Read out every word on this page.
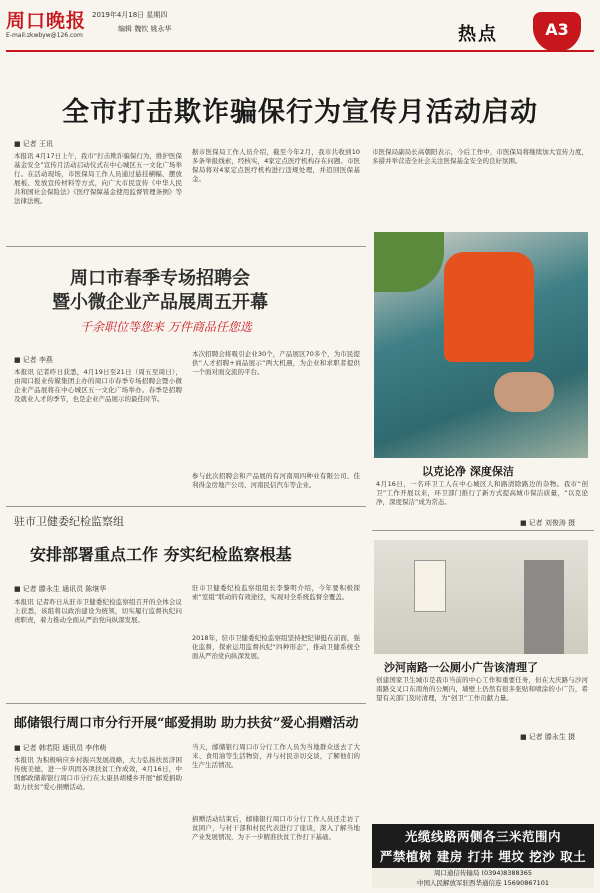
周口晚报
E-mail:zkwbyw@126.com
2019年4月18日 星期四
编辑 魏钦 姚永华	热点	A3
全市打击欺诈骗保行为宣传月活动启动
■ 记者 王讯
本报讯 4月17日上午，我市“打击欺诈骗保行为，维护医保基金安全”宣传月活动启动仪式在中心城区五一文化广场举行。在活动现场，市医保局工作人员通过悬挂横幅、摆放展板、发放宣传材料等方式，向广大市民宣传《中华人民共和国社会保险法》《医疗保障基金使用监督管理条例》等法律法规。
据市医保局工作人员介绍，截至今年2月，我市共收到10多条举报线索，经核实，4家定点医疗机构存在问题。市医保局将对4家定点医疗机构进行违规处理，并追回医保基金。
市医保局副局长高朝阳表示，今后工作中，市医保局将继续加大宣传力度，多措并举营造全社会关注医保基金安全的良好氛围。
周口市春季专场招聘会
暨小微企业产品展周五开幕
千余职位等您来 万件商品任您选
■ 记者 李燕
本报讯 记者昨日获悉，4月19日至21日（周五至周日），由周口报业传媒集团主办的周口市春季专场招聘会暨小微企业产品展将在中心城区五一文化广场举办。春季是招聘及就业人才的季节，也是企业产品展示的最佳时节。
本次招聘会将吸引企业30个，产品展区70多个，为市民提供“人才招聘+商品展示”两大机遇，为企业和求职者提供一个面对面交流的平台。
参与此次招聘会和产品展的有河南周四种业有限公司、佳利得金房地产公司、河南民信汽车等企业。
驻市卫健委纪检监察组
安排部署重点工作 夯实纪检监察根基
■ 记者 滕永生 通讯员 陈继华
本报讯 记者昨日从驻市卫健委纪检监察组召开的全体会议上获悉，该组将以政治建设为统领，切实履行监督执纪问责职责，着力推动全面从严治党向纵深发展。
驻市卫健委纪检监察组组长李黎明介绍，今年要积极探索“室组”联动的有效途径，实现对全系统监督全覆盖。
2018年，驻市卫健委纪检监察组坚持把纪律挺在前面，强化监督，探索运用监督执纪“四种形态”，推动卫健系统全面从严治党向纵深发展。
邮储银行周口市分行开展“邮爱捐助 助力扶贫”爱心捐赠活动
■ 记者 韩若阳 通讯员 李伟萌
本报讯 为积极响应乡村振兴发展战略，大力弘扬扶贫济困传统美德，进一步巩固各项扶贫工作成效，4月16日，中国邮政储蓄银行周口市分行在太康县胡楼乡开展“邮爱捐助 助力扶贫”爱心捐赠活动。
当天，邮储银行周口市分行工作人员为当地群众送去了大米、食用油等生活物资，并与村民亲切交谈，了解他们的生产生活情况。
捐赠活动结束后，邮储银行周口市分行工作人员还走访了贫困户，与村干部和村民代表进行了座谈，深入了解当地产业发展情况，为下一步精准扶贫工作打下基础。
以克论净 深度保洁
4月16日，一名环卫工人在中心城区人和路清除路边的杂物。我市“创卫”工作开展以来，环卫部门推行了新方式提高城市保洁质量，“以克论净，深度保洁”成为常态。
■ 记者 刘俊涛 摄
沙河南路一公厕小广告该清理了
创建国家卫生城市是我市当前的中心工作和重要任务，但在大庆路与沙河南路交叉口东南角的公厕内，墙壁上仍然有很多张贴和喷涂的小广告，希望有关部门及时清理，为“创卫”工作贡献力量。
■ 记者 滕永生 摄
光缆线路两侧各三米范围内
严禁植树 建房 打井 埋坟 挖沙 取土
周口通信传输局 (0394)8388365
中国人民解放军驻西华通信连 15690867101
